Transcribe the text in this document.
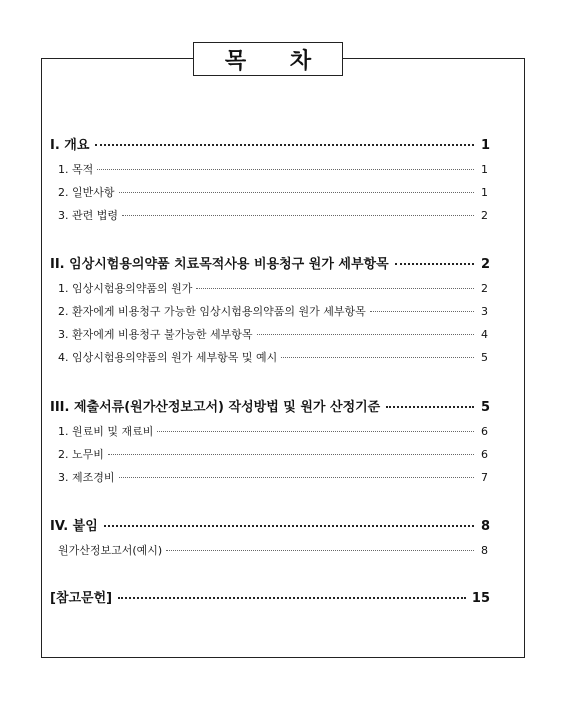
목 차
I. 개요	1
1. 목적	1
2. 일반사항	1
3. 관련 법령	2
II. 임상시험용의약품 치료목적사용 비용청구 원가 세부항목	2
1. 임상시험용의약품의 원가	2
2. 환자에게 비용청구 가능한 임상시험용의약품의 원가 세부항목	3
3. 환자에게 비용청구 불가능한 세부항목	4
4. 임상시험용의약품의 원가 세부항목 및 예시	5
III. 제출서류(원가산정보고서) 작성방법 및 원가 산정기준	5
1. 원료비 및 재료비	6
2. 노무비	6
3. 제조경비	7
IV. 붙임	8
원가산정보고서(예시)	8
[참고문헌]	15
